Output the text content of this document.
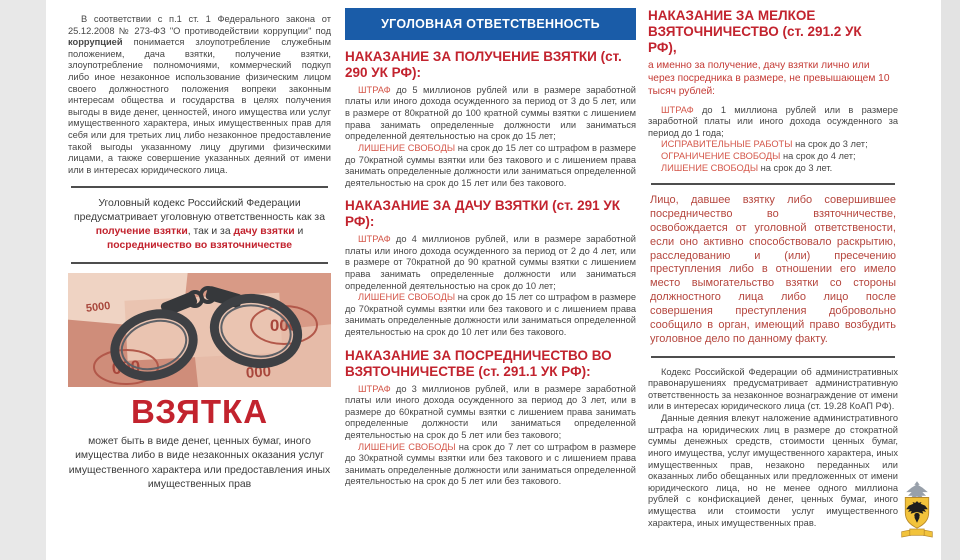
В соответствии с п.1 ст. 1 Федерального закона от 25.12.2008 № 273-ФЗ "О противодействии коррупции" под коррупцией понимается злоупотребление служебным положением, дача взятки, получение взятки, злоупотребление полномочиями, коммерческий подкуп либо иное незаконное использование физическим лицом своего должностного положения вопреки законным интересам общества и государства в целях получения выгоды в виде денег, ценностей, иного имущества или услуг имущественного характера, иных имущественных прав для себя или для третьих лиц либо незаконное предоставление такой выгоды указанному лицу другими физическими лицами, а также совершение указанных деяний от имени или в интересах юридического лица.

Уголовный кодекс Российский Федерации предусматривает уголовную ответственность как за получение взятки, так и за дачу взятки и посредничество во взяточничестве

000
000
000
5000
ВЗЯТКА

может быть в виде денег, ценных бумаг, иного имущества либо в виде незаконных оказания услуг имущественного характера или предоставления иных имущественных прав

УГОЛОВНАЯ ОТВЕТСТВЕННОСТЬ
НАКАЗАНИЕ ЗА ПОЛУЧЕНИЕ ВЗЯТКИ (ст. 290 УК РФ):

ШТРАФ до 5 миллионов рублей или в размере заработной платы или иного дохода осужденного за период от 3 до 5 лет, или в размере от 80кратной до 100 кратной суммы взятки с лишением права занимать определенные должности или заниматься определенной деятельностью на срок до 15 лет;

ЛИШЕНИЕ СВОБОДЫ на срок до 15 лет со штрафом в размере до 70кратной суммы взятки или без такового и с лишением права занимать определенные должности или заниматься определенной деятельностью на срок до 15 лет или без такового.

НАКАЗАНИЕ ЗА ДАЧУ ВЗЯТКИ (ст. 291 УК РФ):

ШТРАФ до 4 миллионов рублей, или в размере заработной платы или иного дохода осужденного за период от 2 до 4 лет, или в размере от 70кратной до 90 кратной суммы взятки с лишением права занимать определенные должности или заниматься определенной деятельностью на срок до 10 лет;

ЛИШЕНИЕ СВОБОДЫ на срок до 15 лет со штрафом в размере до 70кратной суммы взятки или без такового и с лишением права занимать определенные должности или заниматься определенной деятельностью на срок до 10 лет или без такового.

НАКАЗАНИЕ ЗА ПОСРЕДНИЧЕСТВО ВО ВЗЯТОЧНИЧЕСТВЕ (ст. 291.1 УК РФ):

ШТРАФ до 3 миллионов рублей, или в размере заработной платы или иного дохода осужденного за период до 3 лет, или в размере до 60кратной суммы взятки с лишением права занимать определенные должности или заниматься определенной деятельностью на срок до 5 лет или без такового;

ЛИШЕНИЕ СВОБОДЫ на срок до 7 лет со штрафом в размере до 30кратной суммы взятки или без такового и с лишением права занимать определенные должности или заниматься определенной деятельностью на срок до 5 лет или без такового.

НАКАЗАНИЕ ЗА МЕЛКОЕ ВЗЯТОЧНИЧЕСТВО (ст. 291.2 УК РФ),

а именно за получение, дачу взятки лично или через посредника в размере, не превышающем 10 тысяч рублей:

ШТРАФ до 1 миллиона рублей или в размере заработной платы или иного дохода осужденного за период до 1 года;

ИСПРАВИТЕЛЬНЫЕ РАБОТЫ на срок до 3 лет;

ОГРАНИЧЕНИЕ СВОБОДЫ на срок до 4 лет;

ЛИШЕНИЕ СВОБОДЫ на срок до 3 лет.

Лицо, давшее взятку либо совершившее посредничество во взяточничестве, освобождается от уголовной ответствености, если оно активно способствовало раскрытию, расследованию и (или) пресечению преступления либо в отношении его имело место вымогательство взятки со стороны должностного лица либо лицо после совершения преступления добровольно сообщило в орган, имеющий право возбудить уголовное дело по данному факту.

Кодекс Российской Федерации об административных правонарушениях предусматривает административную ответственность за незаконное вознаграждение от имени или в интересах юридического лица (ст. 19.28 КоАП РФ).

Данные деяния влекут наложение административного штрафа на юридических лиц в размере до стократной суммы денежных средств, стоимости ценных бумаг, иного имущества, услуг имущественного характера, иных имущественных прав, незаконо переданных или оказанных либо обещанных или предложенных от имени юридического лица, но не менее одного миллиона рублей с конфискацией денег, ценных бумаг, иного имущества или стоимости услуг имущественного характера, иных имущественных прав.
